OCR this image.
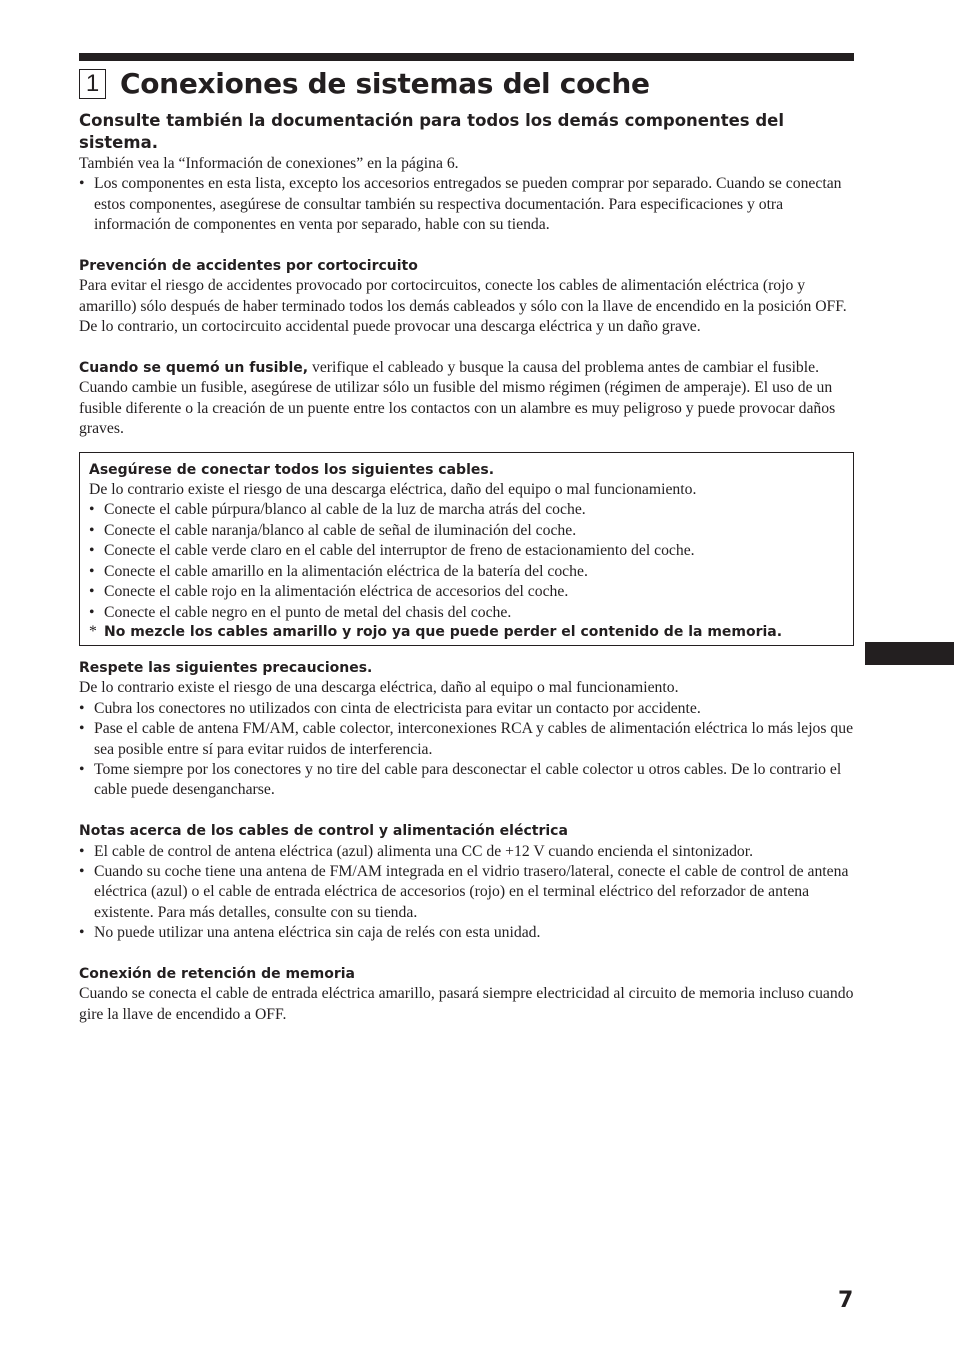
1 Conexiones de sistemas del coche
Consulte también la documentación para todos los demás componentes del sistema.

También vea la “Información de conexiones” en la página 6.

• Los componentes en esta lista, excepto los accesorios entregados se pueden comprar por separado. Cuando se conectan estos componentes, asegúrese de consultar también su respectiva documentación. Para especificaciones y otra información de componentes en venta por separado, hable con su tienda.
Prevención de accidentes por cortocircuito

Para evitar el riesgo de accidentes provocado por cortocircuitos, conecte los cables de alimentación eléctrica (rojo y amarillo) sólo después de haber terminado todos los demás cableados y sólo con la llave de encendido en la posición OFF.

De lo contrario, un cortocircuito accidental puede provocar una descarga eléctrica y un daño grave.

Cuando se quemó un fusible, verifique el cableado y busque la causa del problema antes de cambiar el fusible.

Cuando cambie un fusible, asegúrese de utilizar sólo un fusible del mismo régimen (régimen de amperaje). El uso de un fusible diferente o la creación de un puente entre los contactos con un alambre es muy peligroso y puede provocar daños graves.

Asegúrese de conectar todos los siguientes cables.

De lo contrario existe el riesgo de una descarga eléctrica, daño del equipo o mal funcionamiento.

• Conecte el cable púrpura/blanco al cable de la luz de marcha atrás del coche.
• Conecte el cable naranja/blanco al cable de señal de iluminación del coche.
• Conecte el cable verde claro en el cable del interruptor de freno de estacionamiento del coche.
• Conecte el cable amarillo en la alimentación eléctrica de la batería del coche.
• Conecte el cable rojo en la alimentación eléctrica de accesorios del coche.
• Conecte el cable negro en el punto de metal del chasis del coche.
* No mezcle los cables amarillo y rojo ya que puede perder el contenido de la memoria.
Respete las siguientes precauciones.

De lo contrario existe el riesgo de una descarga eléctrica, daño al equipo o mal funcionamiento.

• Cubra los conectores no utilizados con cinta de electricista para evitar un contacto por accidente.
• Pase el cable de antena FM/AM, cable colector, interconexiones RCA y cables de alimentación eléctrica lo más lejos que sea posible entre sí para evitar ruidos de interferencia.
• Tome siempre por los conectores y no tire del cable para desconectar el cable colector u otros cables. De lo contrario el cable puede desengancharse.
Notas acerca de los cables de control y alimentación eléctrica
• El cable de control de antena eléctrica (azul) alimenta una CC de +12 V cuando encienda el sintonizador.
• Cuando su coche tiene una antena de FM/AM integrada en el vidrio trasero/lateral, conecte el cable de control de antena eléctrica (azul) o el cable de entrada eléctrica de accesorios (rojo) en el terminal eléctrico del reforzador de antena existente. Para más detalles, consulte con su tienda.
• No puede utilizar una antena eléctrica sin caja de relés con esta unidad.
Conexión de retención de memoria

Cuando se conecta el cable de entrada eléctrica amarillo, pasará siempre electricidad al circuito de memoria incluso cuando gire la llave de encendido a OFF.

7
